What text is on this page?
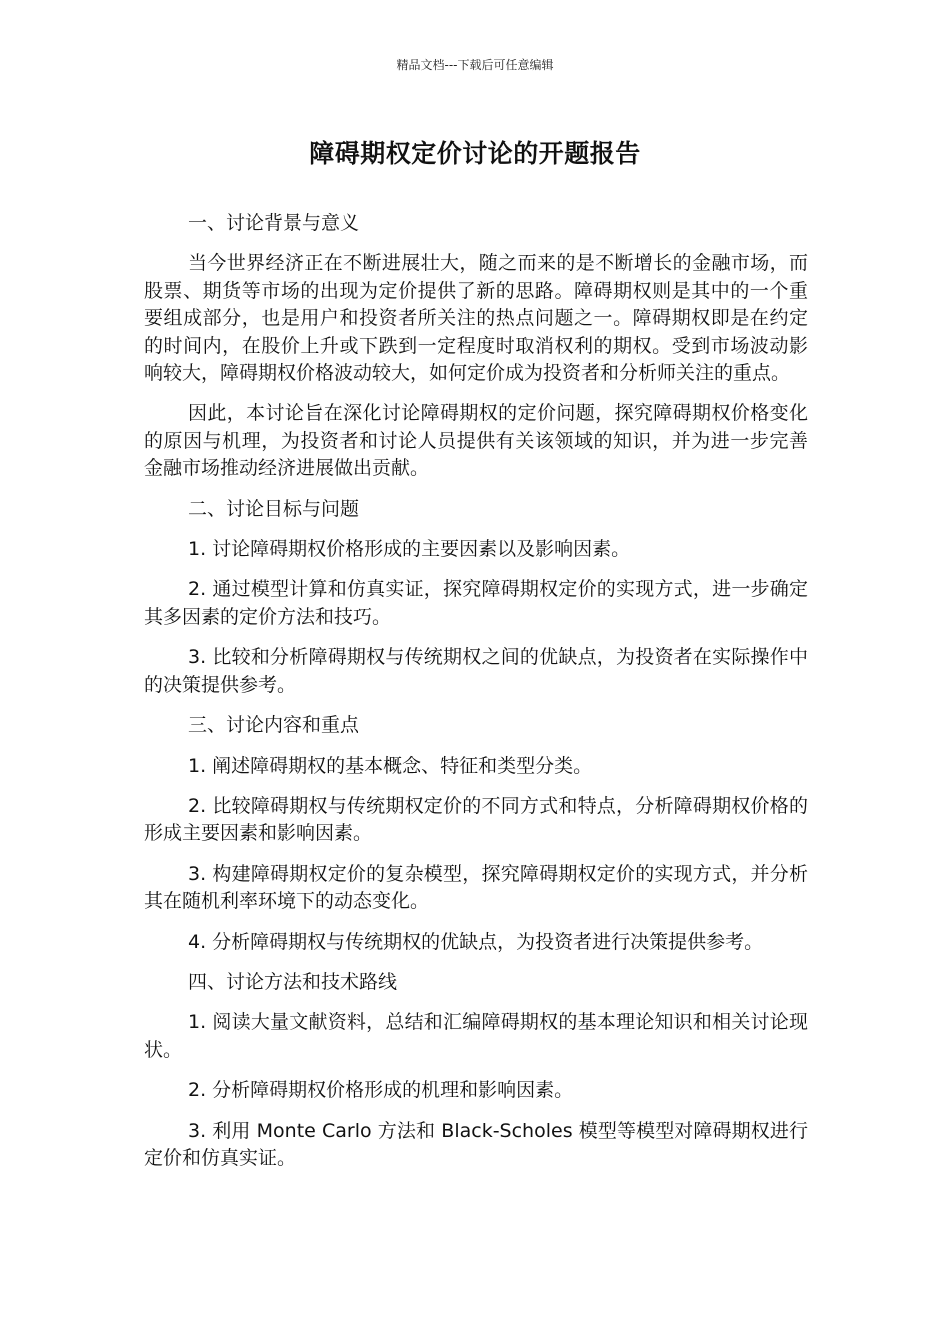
精品文档---下载后可任意编辑
障碍期权定价讨论的开题报告

一、讨论背景与意义

当今世界经济正在不断进展壮大，随之而来的是不断增长的金融市场，而股票、期货等市场的出现为定价提供了新的思路。障碍期权则是其中的一个重要组成部分，也是用户和投资者所关注的热点问题之一。障碍期权即是在约定的时间内，在股价上升或下跌到一定程度时取消权利的期权。受到市场波动影响较大，障碍期权价格波动较大，如何定价成为投资者和分析师关注的重点。

因此，本讨论旨在深化讨论障碍期权的定价问题，探究障碍期权价格变化的原因与机理，为投资者和讨论人员提供有关该领域的知识，并为进一步完善金融市场推动经济进展做出贡献。

二、讨论目标与问题

1. 讨论障碍期权价格形成的主要因素以及影响因素。

2. 通过模型计算和仿真实证，探究障碍期权定价的实现方式，进一步确定其多因素的定价方法和技巧。

3. 比较和分析障碍期权与传统期权之间的优缺点，为投资者在实际操作中的决策提供参考。

三、讨论内容和重点

1. 阐述障碍期权的基本概念、特征和类型分类。

2. 比较障碍期权与传统期权定价的不同方式和特点，分析障碍期权价格的形成主要因素和影响因素。

3. 构建障碍期权定价的复杂模型，探究障碍期权定价的实现方式，并分析其在随机利率环境下的动态变化。

4. 分析障碍期权与传统期权的优缺点，为投资者进行决策提供参考。

四、讨论方法和技术路线

1. 阅读大量文献资料，总结和汇编障碍期权的基本理论知识和相关讨论现状。

2. 分析障碍期权价格形成的机理和影响因素。

3. 利用 Monte Carlo 方法和 Black-Scholes 模型等模型对障碍期权进行定价和仿真实证。
